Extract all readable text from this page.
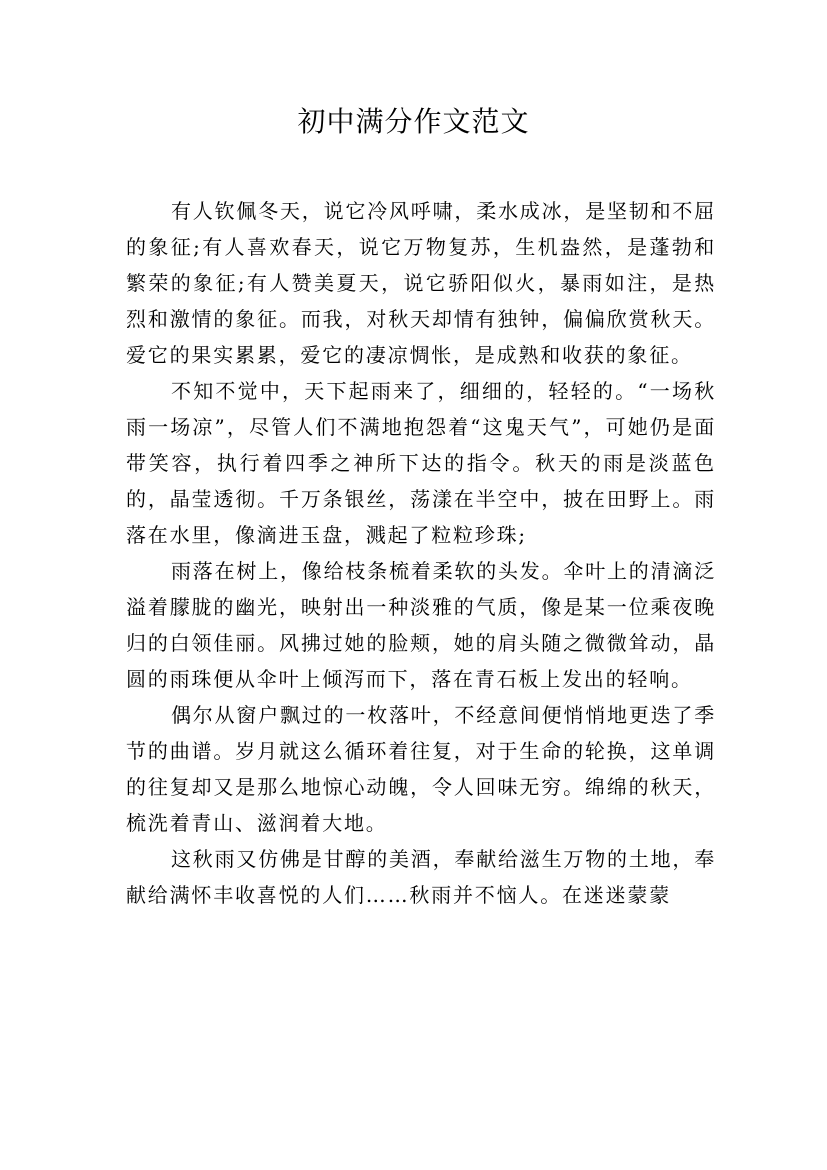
初中满分作文范文

有人钦佩冬天，说它冷风呼啸，柔水成冰，是坚韧和不屈的象征;有人喜欢春天，说它万物复苏，生机盎然，是蓬勃和繁荣的象征;有人赞美夏天，说它骄阳似火，暴雨如注，是热烈和激情的象征。而我，对秋天却情有独钟，偏偏欣赏秋天。爱它的果实累累，爱它的凄凉惆怅，是成熟和收获的象征。

不知不觉中，天下起雨来了，细细的，轻轻的。“一场秋雨一场凉”，尽管人们不满地抱怨着“这鬼天气”，可她仍是面带笑容，执行着四季之神所下达的指令。秋天的雨是淡蓝色的，晶莹透彻。千万条银丝，荡漾在半空中，披在田野上。雨落在水里，像滴进玉盘，溅起了粒粒珍珠;

雨落在树上，像给枝条梳着柔软的头发。伞叶上的清滴泛溢着朦胧的幽光，映射出一种淡雅的气质，像是某一位乘夜晚归的白领佳丽。风拂过她的脸颊，她的肩头随之微微耸动，晶圆的雨珠便从伞叶上倾泻而下，落在青石板上发出的轻响。

偶尔从窗户飘过的一枚落叶，不经意间便悄悄地更迭了季节的曲谱。岁月就这么循环着往复，对于生命的轮换，这单调的往复却又是那么地惊心动魄，令人回味无穷。绵绵的秋天，梳洗着青山、滋润着大地。

这秋雨又仿佛是甘醇的美酒，奉献给滋生万物的土地，奉献给满怀丰收喜悦的人们……秋雨并不恼人。在迷迷蒙蒙
